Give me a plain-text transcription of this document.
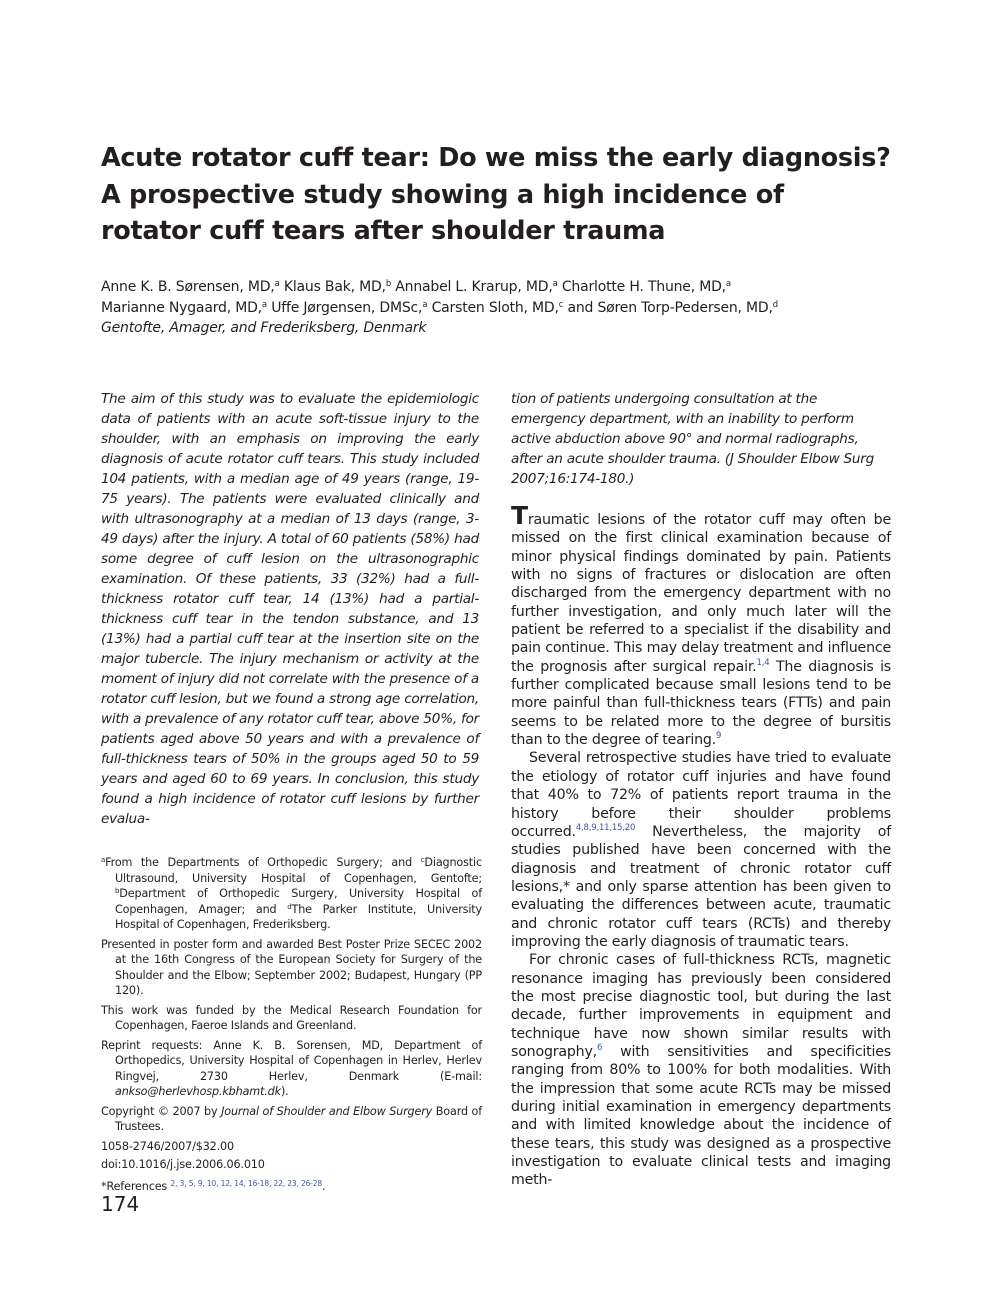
Acute rotator cuff tear: Do we miss the early diagnosis? A prospective study showing a high incidence of rotator cuff tears after shoulder trauma
Anne K. B. Sørensen, MD,$^a$ Klaus Bak, MD,$^b$ Annabel L. Krarup, MD,$^a$ Charlotte H. Thune, MD,$^a$
Marianne Nygaard, MD,$^a$ Uffe Jørgensen, DMSc,$^a$ Carsten Sloth, MD,$^c$ and Søren Torp-Pedersen, MD,$^d$
Gentofte, Amager, and Frederiksberg, Denmark
The aim of this study was to evaluate the epidemiologic data of patients with an acute soft-tissue injury to the shoulder, with an emphasis on improving the early diagnosis of acute rotator cuff tears. This study included 104 patients, with a median age of 49 years (range, 19-75 years). The patients were evaluated clinically and with ultrasonography at a median of 13 days (range, 3-49 days) after the injury. A total of 60 patients (58%) had some degree of cuff lesion on the ultrasonographic examination. Of these patients, 33 (32%) had a full-thickness rotator cuff tear, 14 (13%) had a partial-thickness cuff tear in the tendon substance, and 13 (13%) had a partial cuff tear at the insertion site on the major tubercle. The injury mechanism or activity at the moment of injury did not correlate with the presence of a rotator cuff lesion, but we found a strong age correlation, with a prevalence of any rotator cuff tear, above 50%, for patients aged above 50 years and with a prevalence of full-thickness tears of 50% in the groups aged 50 to 59 years and aged 60 to 69 years. In conclusion, this study found a high incidence of rotator cuff lesions by further evalua-
tion of patients undergoing consultation at the emergency department, with an inability to perform active abduction above 90° and normal radiographs, after an acute shoulder trauma. (J Shoulder Elbow Surg 2007;16:174-180.)

$^a$From the Departments of Orthopedic Surgery; and $^c$Diagnostic Ultrasound, University Hospital of Copenhagen, Gentofte; $^b$Department of Orthopedic Surgery, University Hospital of Copenhagen, Amager; and $^d$The Parker Institute, University Hospital of Copenhagen, Frederiksberg.

Presented in poster form and awarded Best Poster Prize SECEC 2002 at the 16th Congress of the European Society for Surgery of the Shoulder and the Elbow; September 2002; Budapest, Hungary (PP 120).

This work was funded by the Medical Research Foundation for Copenhagen, Faeroe Islands and Greenland.

Reprint requests: Anne K. B. Sorensen, MD, Department of Orthopedics, University Hospital of Copenhagen in Herlev, Herlev Ringvej, 2730 Herlev, Denmark (E-mail: ankso@herlevhosp.kbhamt.dk).

Copyright © 2007 by Journal of Shoulder and Elbow Surgery Board of Trustees.

1058-2746/2007/$32.00

doi:10.1016/j.jse.2006.06.010

*References $^{2, 3, 5, 9, 10, 12, 14, 16-18, 22, 23, 26-28}$.

174

Traumatic lesions of the rotator cuff may often be missed on the first clinical examination because of minor physical findings dominated by pain. Patients with no signs of fractures or dislocation are often discharged from the emergency department with no further investigation, and only much later will the patient be referred to a specialist if the disability and pain continue. This may delay treatment and influence the prognosis after surgical repair.$^{1,4}$ The diagnosis is further complicated because small lesions tend to be more painful than full-thickness tears (FTTs) and pain seems to be related more to the degree of bursitis than to the degree of tearing.$^9$

Several retrospective studies have tried to evaluate the etiology of rotator cuff injuries and have found that 40% to 72% of patients report trauma in the history before their shoulder problems occurred.$^{4,8,9,11,15,20}$ Nevertheless, the majority of studies published have been concerned with the diagnosis and treatment of chronic rotator cuff lesions,* and only sparse attention has been given to evaluating the differences between acute, traumatic and chronic rotator cuff tears (RCTs) and thereby improving the early diagnosis of traumatic tears.

For chronic cases of full-thickness RCTs, magnetic resonance imaging has previously been considered the most precise diagnostic tool, but during the last decade, further improvements in equipment and technique have now shown similar results with sonography,$^6$ with sensitivities and specificities ranging from 80% to 100% for both modalities. With the impression that some acute RCTs may be missed during initial examination in emergency departments and with limited knowledge about the incidence of these tears, this study was designed as a prospective investigation to evaluate clinical tests and imaging meth-
